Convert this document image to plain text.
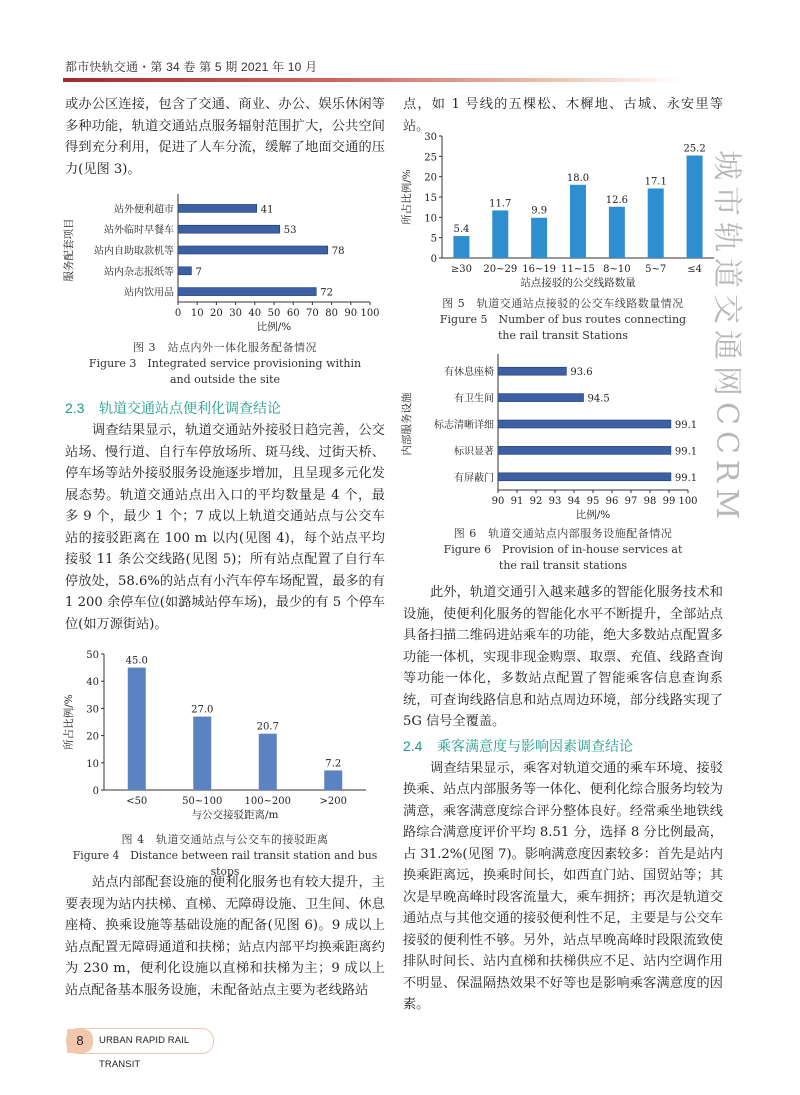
都市快轨交通・第 34 卷 第 5 期 2021 年 10 月

或办公区连接，包含了交通、商业、办公、娱乐休闲等多种功能，轨道交通站点服务辐射范围扩大，公共空间得到充分利用，促进了人车分流，缓解了地面交通的压力(见图 3)。

0 10 20 30 40 50 60 70 80 90 100
站外便利超市	41
站外临时早餐车	53
站内自助取款机等	78
站内杂志报纸等 7
站内饮用品	72
比例/%
服务配套项目

图 3　站点内外一体化服务配备情况

Figure 3　Integrated service provisioning within

and outside the site

2.3 轨道交通站点便利化调查结论

调查结果显示，轨道交通站外接驳日趋完善，公交站场、慢行道、自行车停放场所、斑马线、过街天桥、停车场等站外接驳服务设施逐步增加，且呈现多元化发展态势。轨道交通站点出入口的平均数量是 4 个，最多 9 个，最少 1 个；7 成以上轨道交通站点与公交车站的接驳距离在 100 m 以内(见图 4)，每个站点平均接驳 11 条公交线路(见图 5)；所有站点配置了自行车停放处，58.6%的站点有小汽车停车场配置，最多的有 1 200 余停车位(如潞城站停车场)，最少的有 5 个停车位(如万源街站)。

0
10
20
30
40
50
45.0
<50
27.0
50~100
20.7
100~200
7.2
>200
与公交接驳距离/m
所占比例/%

图 4　轨道交通站点与公交车的接驳距离

Figure 4　Distance between rail transit station and bus stops

站点内部配套设施的便利化服务也有较大提升，主要表现为站内扶梯、直梯、无障碍设施、卫生间、休息座椅、换乘设施等基础设施的配备(见图 6)。9 成以上站点配置无障碍通道和扶梯；站点内部平均换乘距离约为 230 m，便利化设施以直梯和扶梯为主；9 成以上站点配备基本服务设施，未配备站点主要为老线路站

点，如 1 号线的五棵松、木樨地、古城、永安里等站。

0
5
10
15
20
25
30
5.4
≥30
11.7
20~29
9.9
16~19
18.0
11~15
12.6
8~10
17.1
5~7
25.2
≤4
站点接驳的公交线路数量
所占比例/%

图 5　轨道交通站点接驳的公交车线路数量情况

Figure 5　Number of bus routes connecting

the rail transit Stations

90 91 92 93 94 95 96 97 98 99 100
有休息座椅	93.6
有卫生间	94.5
标志清晰详细	99.1
标识显著	99.1
有屏蔽门	99.1
比例/%
内部服务设施

图 6　轨道交通站点内部服务设施配备情况

Figure 6　Provision of in-house services at

the rail transit stations

此外，轨道交通引入越来越多的智能化服务技术和设施，使便利化服务的智能化水平不断提升，全部站点具备扫描二维码进站乘车的功能，绝大多数站点配置多功能一体机，实现非现金购票、取票、充值、线路查询等功能一体化，多数站点配置了智能乘客信息查询系统，可查询线路信息和站点周边环境，部分线路实现了 5G 信号全覆盖。

2.4 乘客满意度与影响因素调查结论

调查结果显示，乘客对轨道交通的乘车环境、接驳换乘、站点内部服务等一体化、便利化综合服务均较为满意，乘客满意度综合评分整体良好。经常乘坐地铁线路综合满意度评价平均 8.51 分，选择 8 分比例最高，占 31.2%(见图 7)。影响满意度因素较多：首先是站内换乘距离远，换乘时间长，如西直门站、国贸站等；其次是早晚高峰时段客流量大，乘车拥挤；再次是轨道交通站点与其他交通的接驳便利性不足，主要是与公交车接驳的便利性不够。另外，站点早晚高峰时段限流致使排队时间长、站内直梯和扶梯供应不足、站内空调作用不明显、保温隔热效果不好等也是影响乘客满意度的因素。

城市轨道交通网CCRM
8	URBAN RAPID RAIL TRANSIT
